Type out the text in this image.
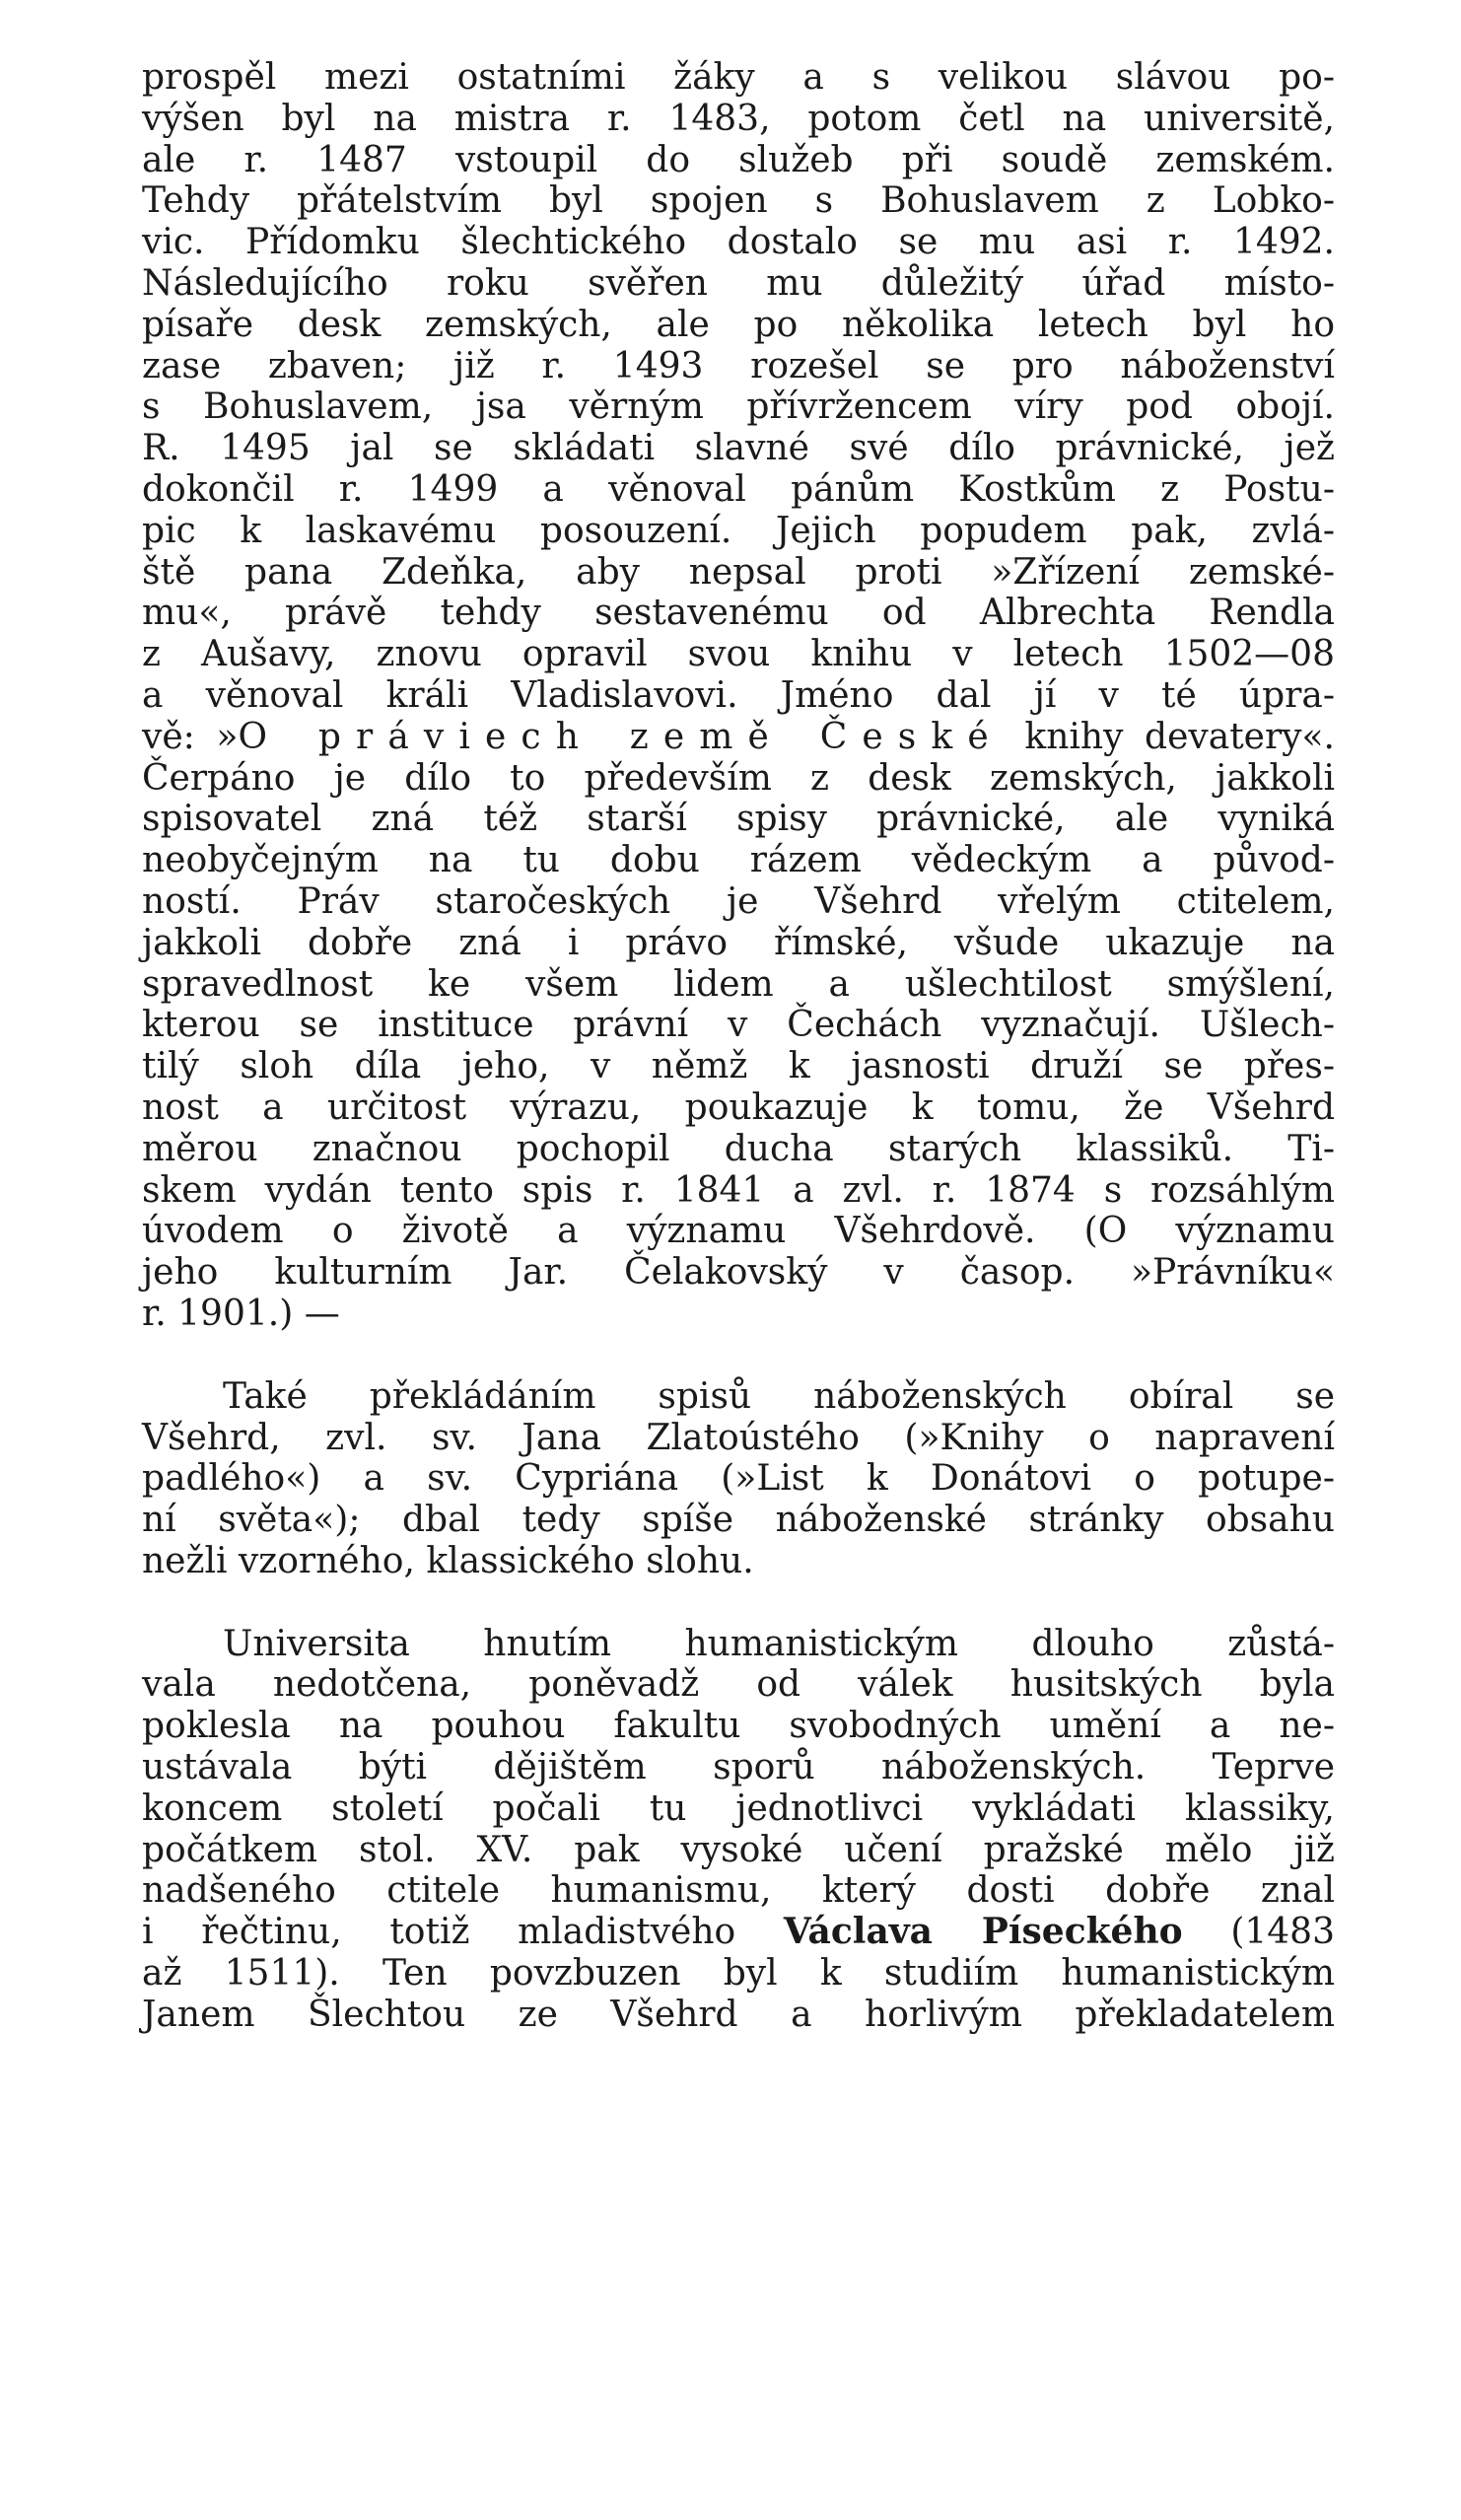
prospěl mezi ostatními žáky a s velikou slávou po-
výšen byl na mistra r. 1483, potom četl na universitě,
ale r. 1487 vstoupil do služeb při soudě zemském.
Tehdy přátelstvím byl spojen s Bohuslavem z Lobko-
vic. Přídomku šlechtického dostalo se mu asi r. 1492.
Následujícího roku svěřen mu důležitý úřad místo-
písaře desk zemských, ale po několika letech byl ho
zase zbaven; již r. 1493 rozešel se pro náboženství
s Bohuslavem, jsa věrným přívržencem víry pod obojí.
R. 1495 jal se skládati slavné své dílo právnické, jež
dokončil r. 1499 a věnoval pánům Kostkům z Postu-
pic k laskavému posouzení. Jejich popudem pak, zvlá-
ště pana Zdeňka, aby nepsal proti »Zřízení zemské-
mu«, právě tehdy sestavenému od Albrechta Rendla
z Aušavy, znovu opravil svou knihu v letech 1502—08
a věnoval králi Vladislavovi. Jméno dal jí v té úpra-
vě: »O práviech země České knihy devatery«.
Čerpáno je dílo to především z desk zemských, jakkoli
spisovatel zná též starší spisy právnické, ale vyniká
neobyčejným na tu dobu rázem vědeckým a původ-
ností. Práv staročeských je Všehrd vřelým ctitelem,
jakkoli dobře zná i právo římské, všude ukazuje na
spravedlnost ke všem lidem a ušlechtilost smýšlení,
kterou se instituce právní v Čechách vyznačují. Ušlech-
tilý sloh díla jeho, v němž k jasnosti druží se přes-
nost a určitost výrazu, poukazuje k tomu, že Všehrd
měrou značnou pochopil ducha starých klassiků. Ti-
skem vydán tento spis r. 1841 a zvl. r. 1874 s rozsáhlým
úvodem o životě a významu Všehrdově. (O významu
jeho kulturním Jar. Čelakovský v časop. »Právníku«
r. 1901.) —

Také překládáním spisů náboženských obíral se
Všehrd, zvl. sv. Jana Zlatoústého (»Knihy o napravení
padlého«) a sv. Cypriána (»List k Donátovi o potupe-
ní světa«); dbal tedy spíše náboženské stránky obsahu
nežli vzorného, klassického slohu.

Universita hnutím humanistickým dlouho zůstá-
vala nedotčena, poněvadž od válek husitských byla
poklesla na pouhou fakultu svobodných umění a ne-
ustávala býti dějištěm sporů náboženských. Teprve
koncem století počali tu jednotlivci vykládati klassiky,
počátkem stol. XV. pak vysoké učení pražské mělo již
nadšeného ctitele humanismu, který dosti dobře znal
i řečtinu, totiž mladistvého Václava Píseckého (1483
až 1511). Ten povzbuzen byl k studiím humanistickým
Janem Šlechtou ze Všehrd a horlivým překladatelem
